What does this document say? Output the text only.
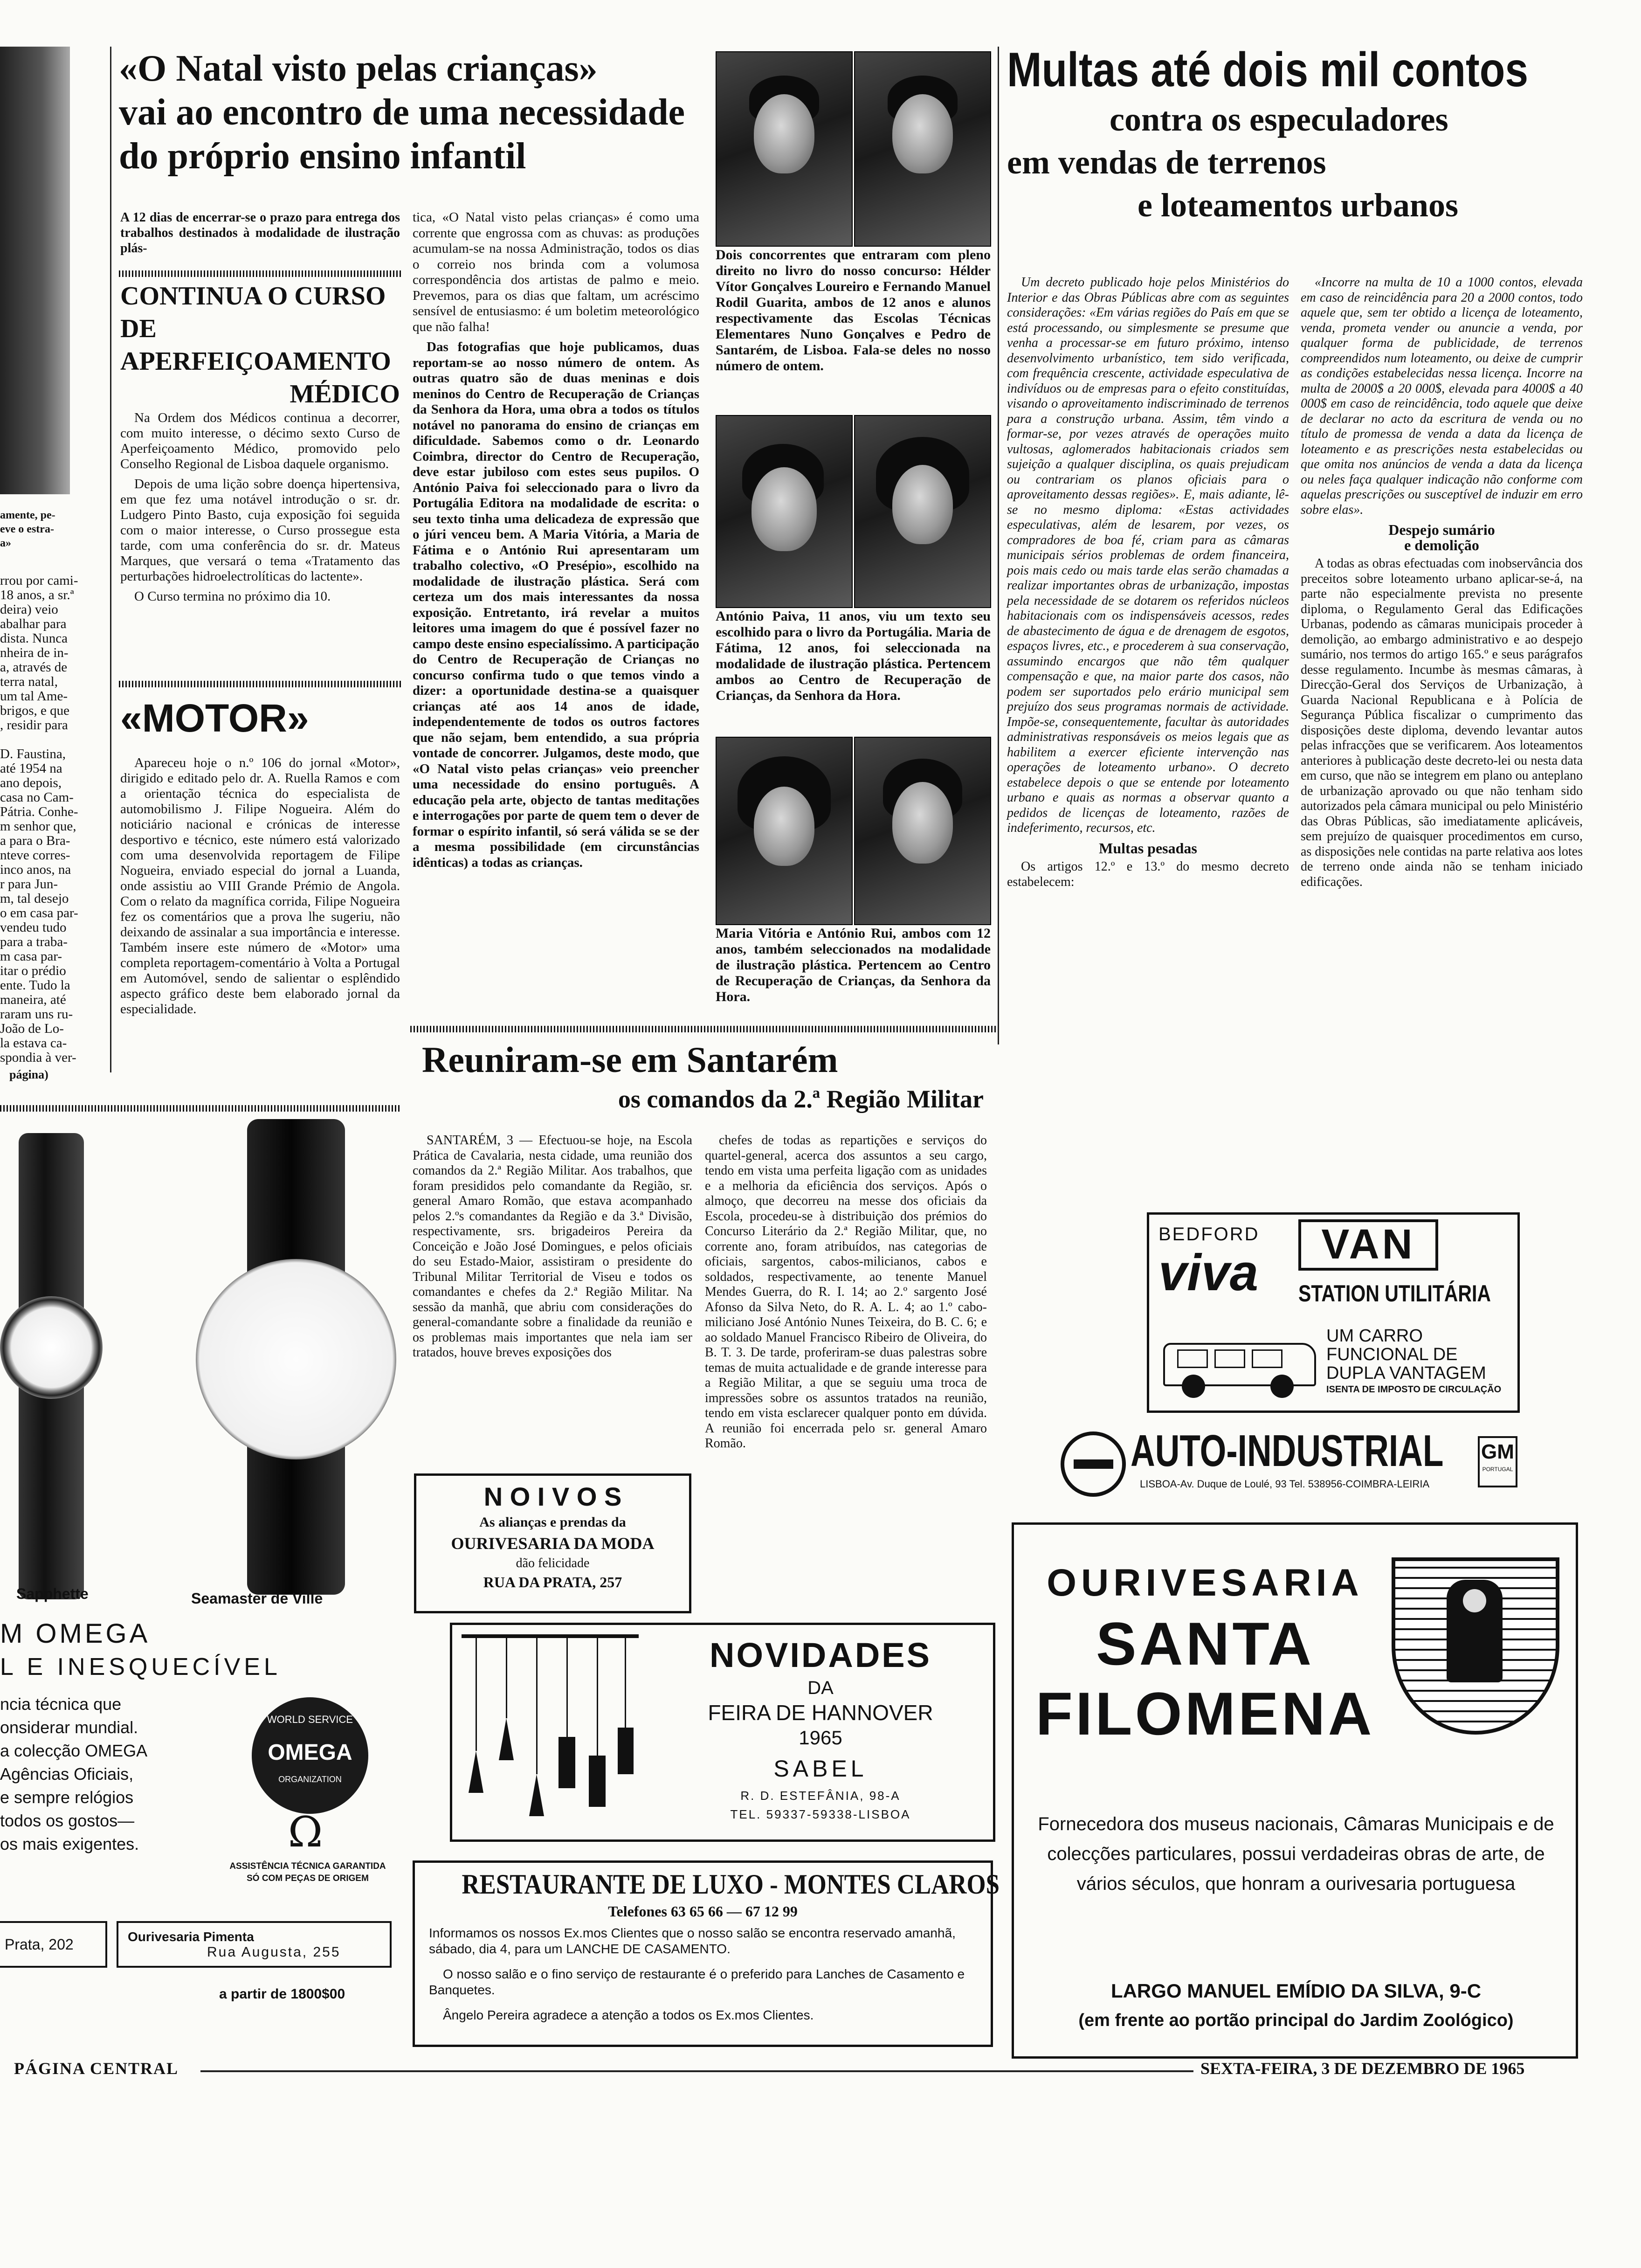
amente, pe-
eve o estra-
a»
rrou por cami-
18 anos, a sr.ª
deira) veio
abalhar para
dista. Nunca
nheira de in-
a, através de
terra natal,
um tal Ame-
brigos, e que
, residir para

D. Faustina,
até 1954 na
ano depois,
casa no Cam-
Pátria. Conhe-
m senhor que,
a para o Bra-
nteve corres-
inco anos, na
r para Jun-
m, tal desejo
o em casa par-
vendeu tudo
para a traba-
m casa par-
itar o prédio
ente. Tudo la
maneira, até
raram uns ru-
João de Lo-
la estava ca-
spondia à ver-
página)
«O Natal visto pelas crianças»
vai ao encontro de uma necessidade
do próprio ensino infantil
A 12 dias de encerrar-se o prazo para entrega dos trabalhos destinados à modalidade de ilustração plás-

tica, «O Natal visto pelas crianças» é como uma corrente que engrossa com as chuvas: as produções acumulam-se na nossa Administração, todos os dias o correio nos brinda com a volumosa correspondência dos artistas de palmo e meio. Prevemos, para os dias que faltam, um acréscimo sensível de entusiasmo: é um boletim meteorológico que não falha!

Das fotografias que hoje publicamos, duas reportam-se ao nosso número de ontem. As outras quatro são de duas meninas e dois meninos do Centro de Recuperação de Crianças da Senhora da Hora, uma obra a todos os títulos notável no panorama do ensino de crianças em dificuldade. Sabemos como o dr. Leonardo Coimbra, director do Centro de Recuperação, deve estar jubiloso com estes seus pupilos. O António Paiva foi seleccionado para o livro da Portugália Editora na modalidade de escrita: o seu texto tinha uma delicadeza de expressão que o júri venceu bem. A Maria Vitória, a Maria de Fátima e o António Rui apresentaram um trabalho colectivo, «O Presépio», escolhido na modalidade de ilustração plástica. Será com certeza um dos mais interessantes da nossa exposição. Entretanto, irá revelar a muitos leitores uma imagem do que é possível fazer no campo deste ensino especialíssimo. A participação do Centro de Recuperação de Crianças no concurso confirma tudo o que temos vindo a dizer: a oportunidade destina-se a quaisquer crianças até aos 14 anos de idade, independentemente de todos os outros factores que não sejam, bem entendido, a sua própria vontade de concorrer. Julgamos, deste modo, que «O Natal visto pelas crianças» veio preencher uma necessidade do ensino português. A educação pela arte, objecto de tantas meditações e interrogações por parte de quem tem o dever de formar o espírito infantil, só será válida se se der a mesma possibilidade (em circunstâncias idênticas) a todas as crianças.

CONTINUA O CURSO
DE APERFEIÇOAMENTO
MÉDICO

Na Ordem dos Médicos continua a decorrer, com muito interesse, o décimo sexto Curso de Aperfeiçoamento Médico, promovido pelo Conselho Regional de Lisboa daquele organismo.

Depois de uma lição sobre doença hipertensiva, em que fez uma notável introdução o sr. dr. Ludgero Pinto Basto, cuja exposição foi seguida com o maior interesse, o Curso prossegue esta tarde, com uma conferência do sr. dr. Mateus Marques, que versará o tema «Tratamento das perturbações hidroelectrolíticas do lactente».

O Curso termina no próximo dia 10.

«MOTOR»

Apareceu hoje o n.º 106 do jornal «Motor», dirigido e editado pelo dr. A. Ruella Ramos e com a orientação técnica do especialista de automobilismo J. Filipe Nogueira. Além do noticiário nacional e crónicas de interesse desportivo e técnico, este número está valorizado com uma desenvolvida reportagem de Filipe Nogueira, enviado especial do jornal a Luanda, onde assistiu ao VIII Grande Prémio de Angola. Com o relato da magnífica corrida, Filipe Nogueira fez os comentários que a prova lhe sugeriu, não deixando de assinalar a sua importância e interesse. Também insere este número de «Motor» uma completa reportagem-comentário à Volta a Portugal em Automóvel, sendo de salientar o esplêndido aspecto gráfico deste bem elaborado jornal da especialidade.

Dois concorrentes que entraram com pleno direito no livro do nosso concurso: Hélder Vítor Gonçalves Loureiro e Fernando Manuel Rodil Guarita, ambos de 12 anos e alunos respectivamente das Escolas Técnicas Elementares Nuno Gonçalves e Pedro de Santarém, de Lisboa. Fala-se deles no nosso número de ontem.
António Paiva, 11 anos, viu um texto seu escolhido para o livro da Portugália. Maria de Fátima, 12 anos, foi seleccionada na modalidade de ilustração plástica. Pertencem ambos ao Centro de Recuperação de Crianças, da Senhora da Hora.
Maria Vitória e António Rui, ambos com 12 anos, também seleccionados na modalidade de ilustração plástica. Pertencem ao Centro de Recuperação de Crianças, da Senhora da Hora.
Multas até dois mil contos
contra os especuladores
em vendas de terrenos
e loteamentos urbanos

Um decreto publicado hoje pelos Ministérios do Interior e das Obras Públicas abre com as seguintes considerações: «Em várias regiões do País em que se está processando, ou simplesmente se presume que venha a processar-se em futuro próximo, intenso desenvolvimento urbanístico, tem sido verificada, com frequência crescente, actividade especulativa de indivíduos ou de empresas para o efeito constituídas, visando o aproveitamento indiscriminado de terrenos para a construção urbana. Assim, têm vindo a formar-se, por vezes através de operações muito vultosas, aglomerados habitacionais criados sem sujeição a qualquer disciplina, os quais prejudicam ou contrariam os planos oficiais para o aproveitamento dessas regiões». E, mais adiante, lê-se no mesmo diploma: «Estas actividades especulativas, além de lesarem, por vezes, os compradores de boa fé, criam para as câmaras municipais sérios problemas de ordem financeira, pois mais cedo ou mais tarde elas serão chamadas a realizar importantes obras de urbanização, impostas pela necessidade de se dotarem os referidos núcleos habitacionais com os indispensáveis acessos, redes de abastecimento de água e de drenagem de esgotos, espaços livres, etc., e procederem à sua conservação, assumindo encargos que não têm qualquer compensação e que, na maior parte dos casos, não podem ser suportados pelo erário municipal sem prejuízo dos seus programas normais de actividade. Impõe-se, consequentemente, facultar às autoridades administrativas responsáveis os meios legais que as habilitem a exercer eficiente intervenção nas operações de loteamento urbano». O decreto estabelece depois o que se entende por loteamento urbano e quais as normas a observar quanto a pedidos de licenças de loteamento, razões de indeferimento, recursos, etc.

Multas pesadas

Os artigos 12.º e 13.º do mesmo decreto estabelecem:

«Incorre na multa de 10 a 1000 contos, elevada em caso de reincidência para 20 a 2000 contos, todo aquele que, sem ter obtido a licença de loteamento, venda, prometa vender ou anuncie a venda, por qualquer forma de publicidade, de terrenos compreendidos num loteamento, ou deixe de cumprir as condições estabelecidas nessa licença. Incorre na multa de 2000$ a 20 000$, elevada para 4000$ a 40 000$ em caso de reincidência, todo aquele que deixe de declarar no acto da escritura de venda ou no título de promessa de venda a data da licença de loteamento e as prescrições nesta estabelecidas ou que omita nos anúncios de venda a data da licença ou neles faça qualquer indicação não conforme com aquelas prescrições ou susceptível de induzir em erro sobre elas».

Despejo sumário
e demolição

A todas as obras efectuadas com inobservância dos preceitos sobre loteamento urbano aplicar-se-á, na parte não especialmente prevista no presente diploma, o Regulamento Geral das Edificações Urbanas, podendo as câmaras municipais proceder à demolição, ao embargo administrativo e ao despejo sumário, nos termos do artigo 165.º e seus parágrafos desse regulamento. Incumbe às mesmas câmaras, à Direcção-Geral dos Serviços de Urbanização, à Guarda Nacional Republicana e à Polícia de Segurança Pública fiscalizar o cumprimento das disposições deste diploma, devendo levantar autos pelas infracções que se verificarem. Aos loteamentos anteriores à publicação deste decreto-lei ou nesta data em curso, que não se integrem em plano ou anteplano de urbanização aprovado ou que não tenham sido autorizados pela câmara municipal ou pelo Ministério das Obras Públicas, são imediatamente aplicáveis, sem prejuízo de quaisquer procedimentos em curso, as disposições nele contidas na parte relativa aos lotes de terreno onde ainda não se tenham iniciado edificações.

Reuniram-se em Santarém
os comandos da 2.ª Região Militar

SANTARÉM, 3 — Efectuou-se hoje, na Escola Prática de Cavalaria, nesta cidade, uma reunião dos comandos da 2.ª Região Militar. Aos trabalhos, que foram presididos pelo comandante da Região, sr. general Amaro Romão, que estava acompanhado pelos 2.ºs comandantes da Região e da 3.ª Divisão, respectivamente, srs. brigadeiros Pereira da Conceição e João José Domingues, e pelos oficiais do seu Estado-Maior, assistiram o presidente do Tribunal Militar Territorial de Viseu e todos os comandantes e chefes da 2.ª Região Militar. Na sessão da manhã, que abriu com considerações do general-comandante sobre a finalidade da reunião e os problemas mais importantes que nela iam ser tratados, houve breves exposições dos

chefes de todas as repartições e serviços do quartel-general, acerca dos assuntos a seu cargo, tendo em vista uma perfeita ligação com as unidades e a melhoria da eficiência dos serviços. Após o almoço, que decorreu na messe dos oficiais da Escola, procedeu-se à distribuição dos prémios do Concurso Literário da 2.ª Região Militar, que, no corrente ano, foram atribuídos, nas categorias de oficiais, sargentos, cabos-milicianos, cabos e soldados, respectivamente, ao tenente Manuel Mendes Guerra, do R. I. 14; ao 2.º sargento José Afonso da Silva Neto, do R. A. L. 4; ao 1.º cabo-miliciano José António Nunes Teixeira, do B. C. 6; e ao soldado Manuel Francisco Ribeiro de Oliveira, do B. T. 3. De tarde, proferiram-se duas palestras sobre temas de muita actualidade e de grande interesse para a Região Militar, a que se seguiu uma troca de impressões sobre os assuntos tratados na reunião, tendo em vista esclarecer qualquer ponto em dúvida. A reunião foi encerrada pelo sr. general Amaro Romão.

N O I V O S
As alianças e prendas da
OURIVESARIA DA MODA
dão felicidade
RUA DA PRATA, 257
Sapphette	Seamaster de Ville
M OMEGA
L E INESQUECÍVEL
ncia técnica que
onsiderar mundial.
a colecção OMEGA
Agências Oficiais,
e sempre relógios
todos os gostos—
os mais exigentes.
WORLD SERVICE
OMEGA
ORGANIZATION
Ω
ASSISTÊNCIA TÉCNICA GARANTIDA
SÓ COM PEÇAS DE ORIGEM
Prata, 202	Ourivesaria Pimenta
Rua Augusta, 255
a partir de 1800$00
NOVIDADES
DA
FEIRA DE HANNOVER
1965
SABEL
R. D. ESTEFÂNIA, 98-A
TEL. 59337-59338-LISBOA
RESTAURANTE DE LUXO - MONTES CLAROS
Telefones 63 65 66 — 67 12 99
Informamos os nossos Ex.mos Clientes que o nosso salão se encontra reservado amanhã, sábado, dia 4, para um LANCHE DE CASAMENTO.
O nosso salão e o fino serviço de restaurante é o preferido para Lanches de Casamento e Banquetes.
Ângelo Pereira agradece a atenção a todos os Ex.mos Clientes.
BEDFORD
viva	VAN
STATION UTILITÁRIA
UM CARRO
FUNCIONAL DE
DUPLA VANTAGEM
ISENTA DE IMPOSTO DE CIRCULAÇÃO
AUTO-INDUSTRIAL
LISBOA-Av. Duque de Loulé, 93 Tel. 538956-COIMBRA-LEIRIA
GM
PORTUGAL
OURIVESARIA
SANTA
FILOMENA
Fornecedora dos museus nacionais, Câmaras Municipais e de colecções particulares, possui verdadeiras obras de arte, de vários séculos, que honram a ourivesaria portuguesa
LARGO MANUEL EMÍDIO DA SILVA, 9-C
(em frente ao portão principal do Jardim Zoológico)
PÁGINA CENTRAL	SEXTA-FEIRA, 3 DE DEZEMBRO DE 1965
